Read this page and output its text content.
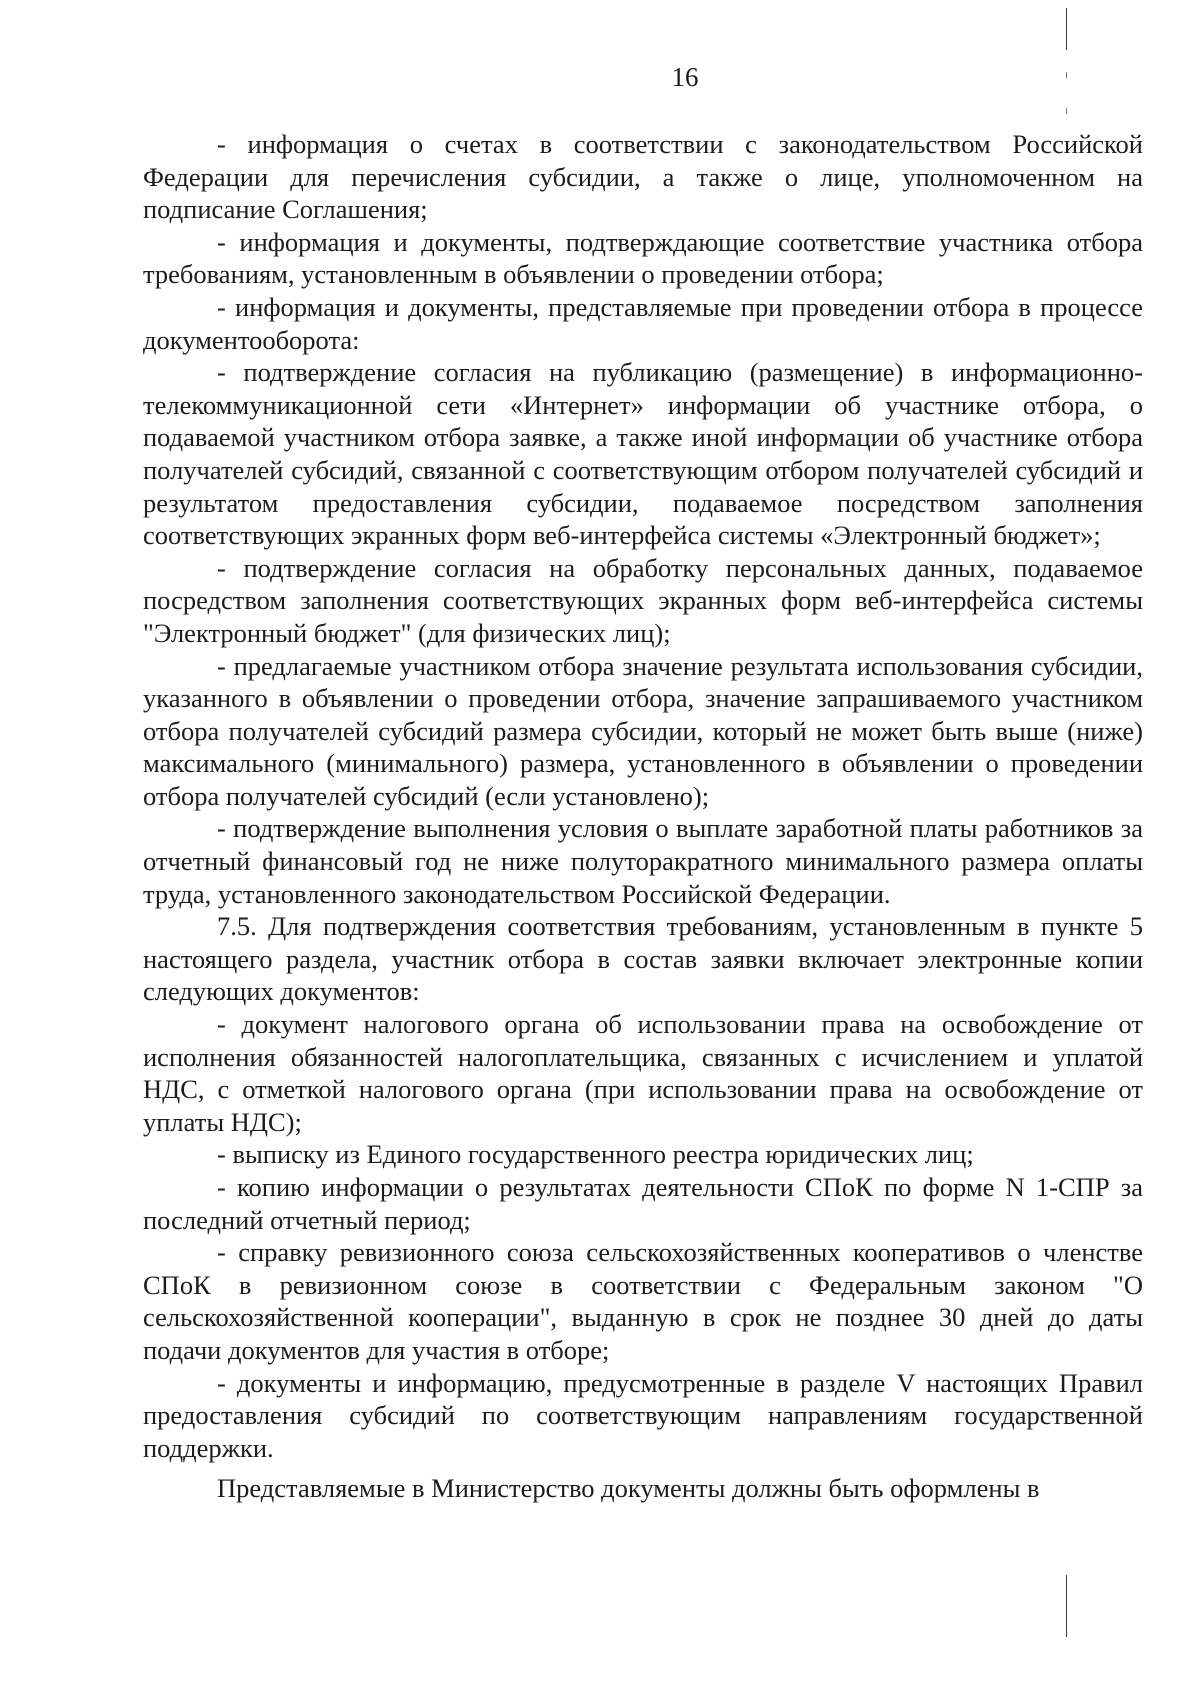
16

- информация о счетах в соответствии с законодательством Российской Федерации для перечисления субсидии, а также о лице, уполномоченном на подписание Соглашения;

- информация и документы, подтверждающие соответствие участника отбора требованиям, установленным в объявлении о проведении отбора;

- информация и документы, представляемые при проведении отбора в процессе документооборота:

- подтверждение согласия на публикацию (размещение) в информационно-телекоммуникационной сети «Интернет» информации об участнике отбора, о подаваемой участником отбора заявке, а также иной информации об участнике отбора получателей субсидий, связанной с соответствующим отбором получателей субсидий и результатом предоставления субсидии, подаваемое посредством заполнения соответствующих экранных форм веб-интерфейса системы «Электронный бюджет»;

- подтверждение согласия на обработку персональных данных, подаваемое посредством заполнения соответствующих экранных форм веб-интерфейса системы "Электронный бюджет" (для физических лиц);

- предлагаемые участником отбора значение результата использования субсидии, указанного в объявлении о проведении отбора, значение запрашиваемого участником отбора получателей субсидий размера субсидии, который не может быть выше (ниже) максимального (минимального) размера, установленного в объявлении о проведении отбора получателей субсидий (если установлено);

- подтверждение выполнения условия о выплате заработной платы работников за отчетный финансовый год не ниже полуторакратного минимального размера оплаты труда, установленного законодательством Российской Федерации.

7.5. Для подтверждения соответствия требованиям, установленным в пункте 5 настоящего раздела, участник отбора в состав заявки включает электронные копии следующих документов:

- документ налогового органа об использовании права на освобождение от исполнения обязанностей налогоплательщика, связанных с исчислением и уплатой НДС, с отметкой налогового органа (при использовании права на освобождение от уплаты НДС);

- выписку из Единого государственного реестра юридических лиц;

- копию информации о результатах деятельности СПоК по форме N 1-СПР за последний отчетный период;

- справку ревизионного союза сельскохозяйственных кооперативов о членстве СПоК в ревизионном союзе в соответствии с Федеральным законом "О сельскохозяйственной кооперации", выданную в срок не позднее 30 дней до даты подачи документов для участия в отборе;

- документы и информацию, предусмотренные в разделе V настоящих Правил предоставления субсидий по соответствующим направлениям государственной поддержки.

Представляемые в Министерство документы должны быть оформлены в
